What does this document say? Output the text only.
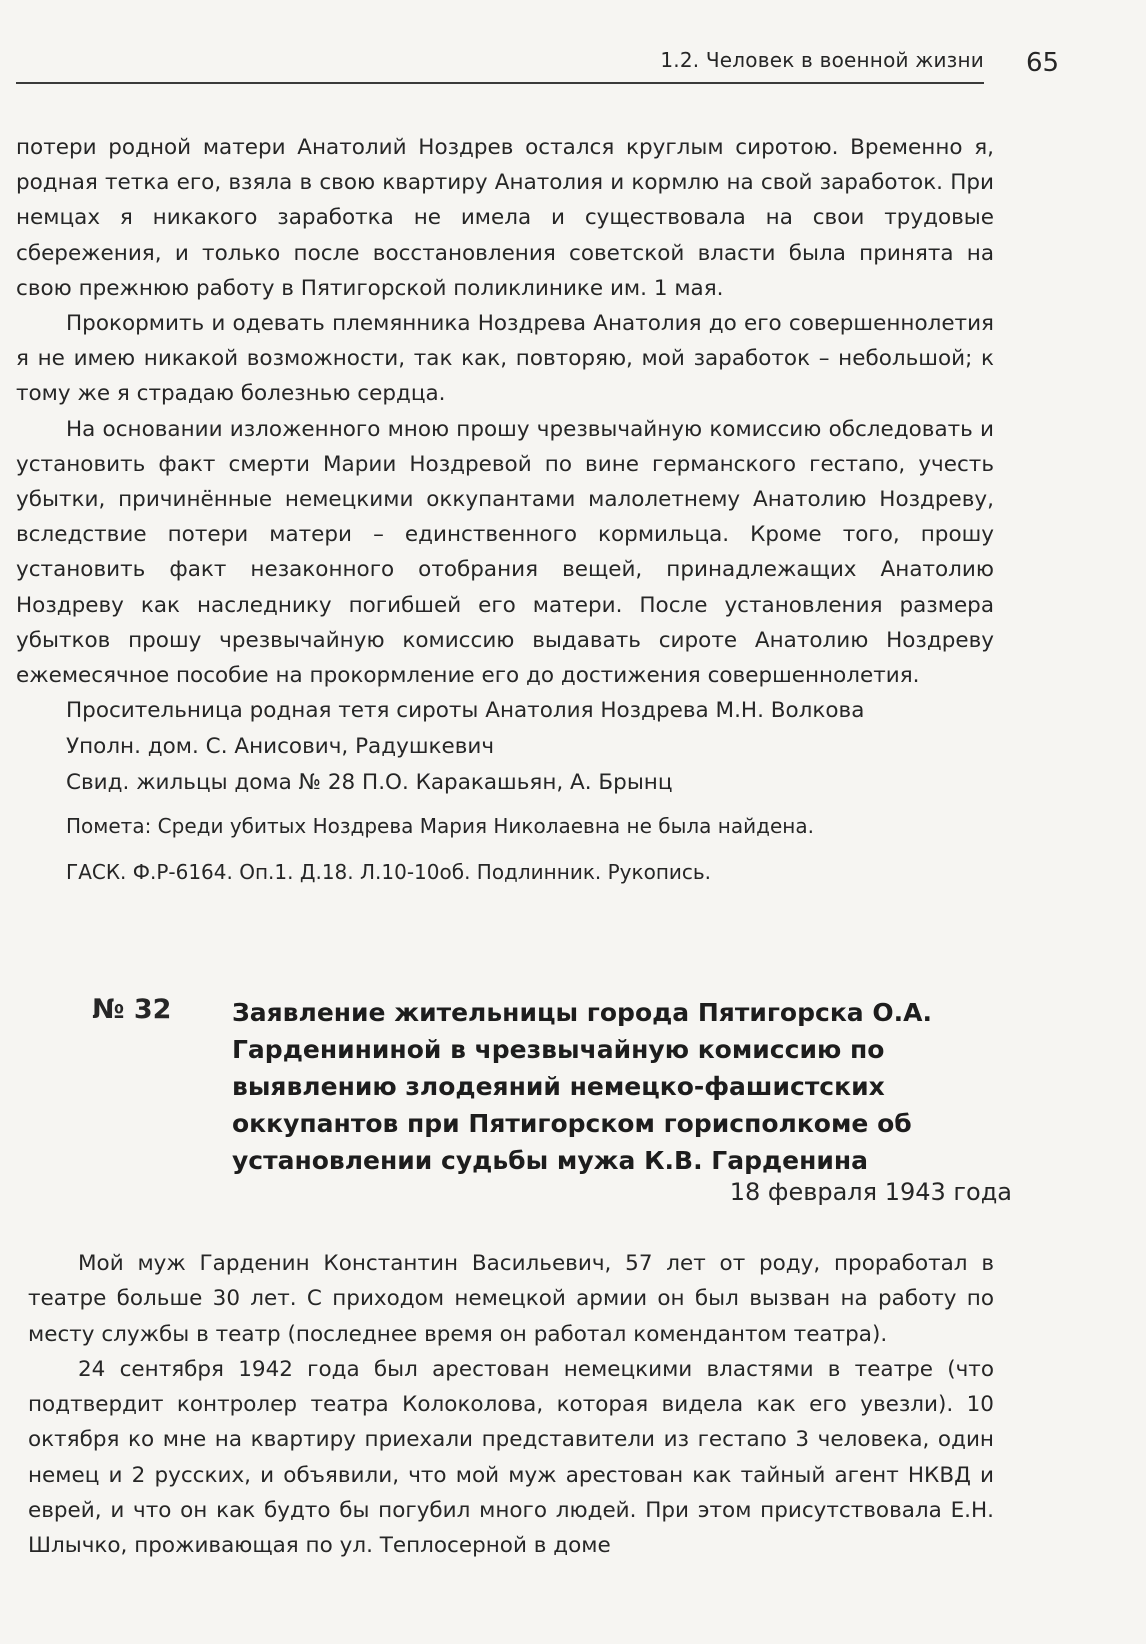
1.2. Человек в военной жизни 65

потери родной матери Анатолий Ноздрев остался круглым сиротою. Временно я, родная тетка его, взяла в свою квартиру Анатолия и кормлю на свой заработок. При немцах я никакого заработка не имела и существовала на свои трудовые сбережения, и только после восстановления советской власти была принята на свою прежнюю работу в Пятигорской поликлинике им. 1 мая.

Прокормить и одевать племянника Ноздрева Анатолия до его совершеннолетия я не имею никакой возможности, так как, повторяю, мой заработок – небольшой; к тому же я страдаю болезнью сердца.

На основании изложенного мною прошу чрезвычайную комиссию обследовать и установить факт смерти Марии Ноздревой по вине германского гестапо, учесть убытки, причинённые немецкими оккупантами малолетнему Анатолию Ноздреву, вследствие потери матери – единственного кормильца. Кроме того, прошу установить факт незаконного отобрания вещей, принадлежащих Анатолию Ноздреву как наследнику погибшей его матери. После установления размера убытков прошу чрезвычайную комиссию выдавать сироте Анатолию Ноздреву ежемесячное пособие на прокормление его до достижения совершеннолетия.

Просительница родная тетя сироты Анатолия Ноздрева М.Н. Волкова
Уполн. дом. С. Анисович, Радушкевич
Свид. жильцы дома № 28 П.О. Каракашьян, А. Брынц
Помета: Среди убитых Ноздрева Мария Николаевна не была найдена.
ГАСК. Ф.Р-6164. Оп.1. Д.18. Л.10-10об. Подлинник. Рукопись.
№ 32 Заявление жительницы города Пятигорска О.А. Гарденининой в чрезвычайную комиссию по выявлению злодеяний немецко-фашистских оккупантов при Пятигорском горисполкоме об установлении судьбы мужа К.В. Гарденина
18 февраля 1943 года

Мой муж Гарденин Константин Васильевич, 57 лет от роду, проработал в театре больше 30 лет. С приходом немецкой армии он был вызван на работу по месту службы в театр (последнее время он работал комендантом театра).

24 сентября 1942 года был арестован немецкими властями в театре (что подтвердит контролер театра Колоколова, которая видела как его увезли). 10 октября ко мне на квартиру приехали представители из гестапо 3 человека, один немец и 2 русских, и объявили, что мой муж арестован как тайный агент НКВД и еврей, и что он как будто бы погубил много людей. При этом присутствовала Е.Н. Шлычко, проживающая по ул. Теплосерной в доме
